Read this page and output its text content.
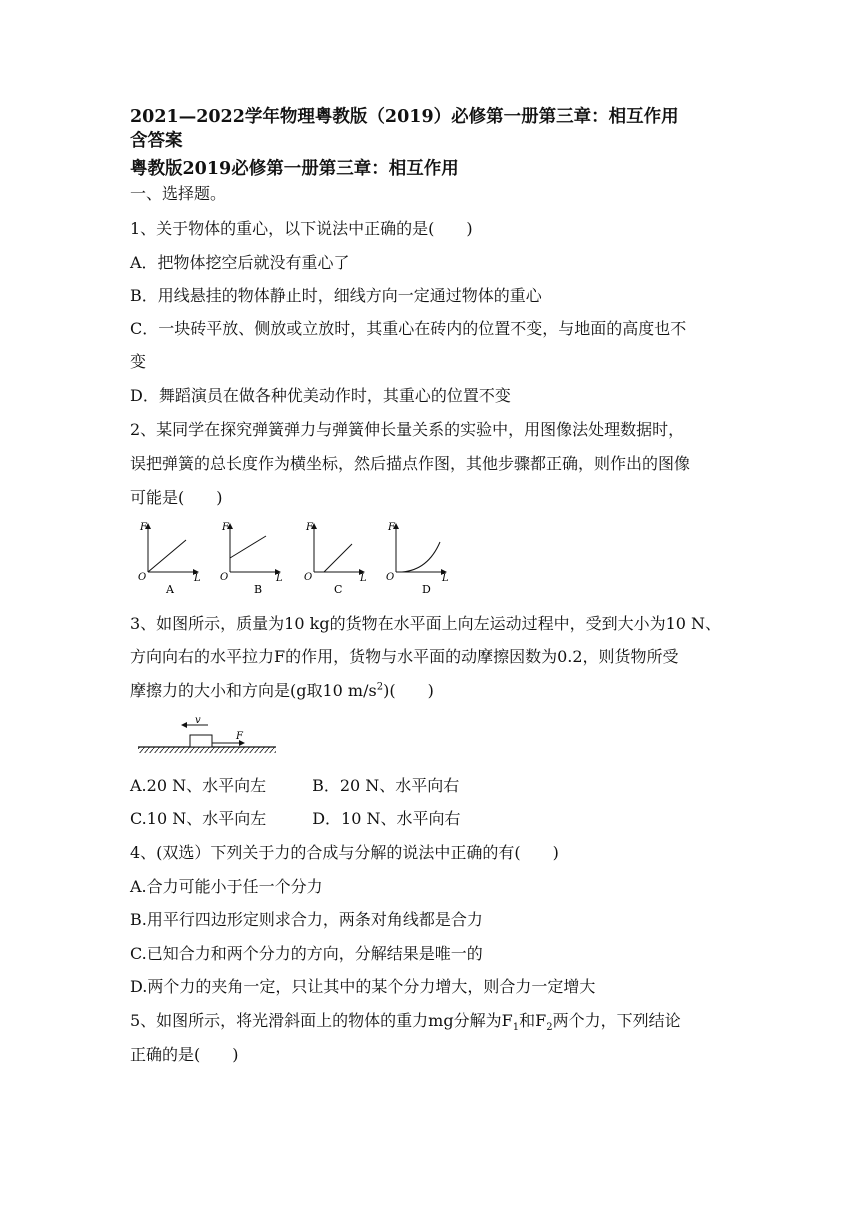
2021—2022学年物理粤教版（2019）必修第一册第三章：相互作用
含答案
粤教版2019必修第一册第三章：相互作用
一、选择题。
1、关于物体的重心，以下说法中正确的是(　　)
A．把物体挖空后就没有重心了
B．用线悬挂的物体静止时，细线方向一定通过物体的重心
C．一块砖平放、侧放或立放时，其重心在砖内的位置不变，与地面的高度也不
变
D．舞蹈演员在做各种优美动作时，其重心的位置不变
2、某同学在探究弹簧弹力与弹簧伸长量关系的实验中，用图像法处理数据时，
误把弹簧的总长度作为横坐标，然后描点作图，其他步骤都正确，则作出的图像
可能是(　　)
F
O	L
A
F
O	L
B
F
O	L
C
F
O	L
D
3、如图所示，质量为10 kg的货物在水平面上向左运动过程中，受到大小为10 N、
方向向右的水平拉力F的作用，货物与水平面的动摩擦因数为0.2，则货物所受
摩擦力的大小和方向是(g取10 $m/s^2$)(　　)
v
F
A.20 N、水平向左	B．20 N、水平向右
C.10 N、水平向左	D．10 N、水平向右
4、(双选）下列关于力的合成与分解的说法中正确的有(　　)
A.合力可能小于任一个分力
B.用平行四边形定则求合力，两条对角线都是合力
C.已知合力和两个分力的方向，分解结果是唯一的
D.两个力的夹角一定，只让其中的某个分力增大，则合力一定增大
5、如图所示，将光滑斜面上的物体的重力mg分解为$F_1$和$F_2$两个力，下列结论
正确的是(　　)
